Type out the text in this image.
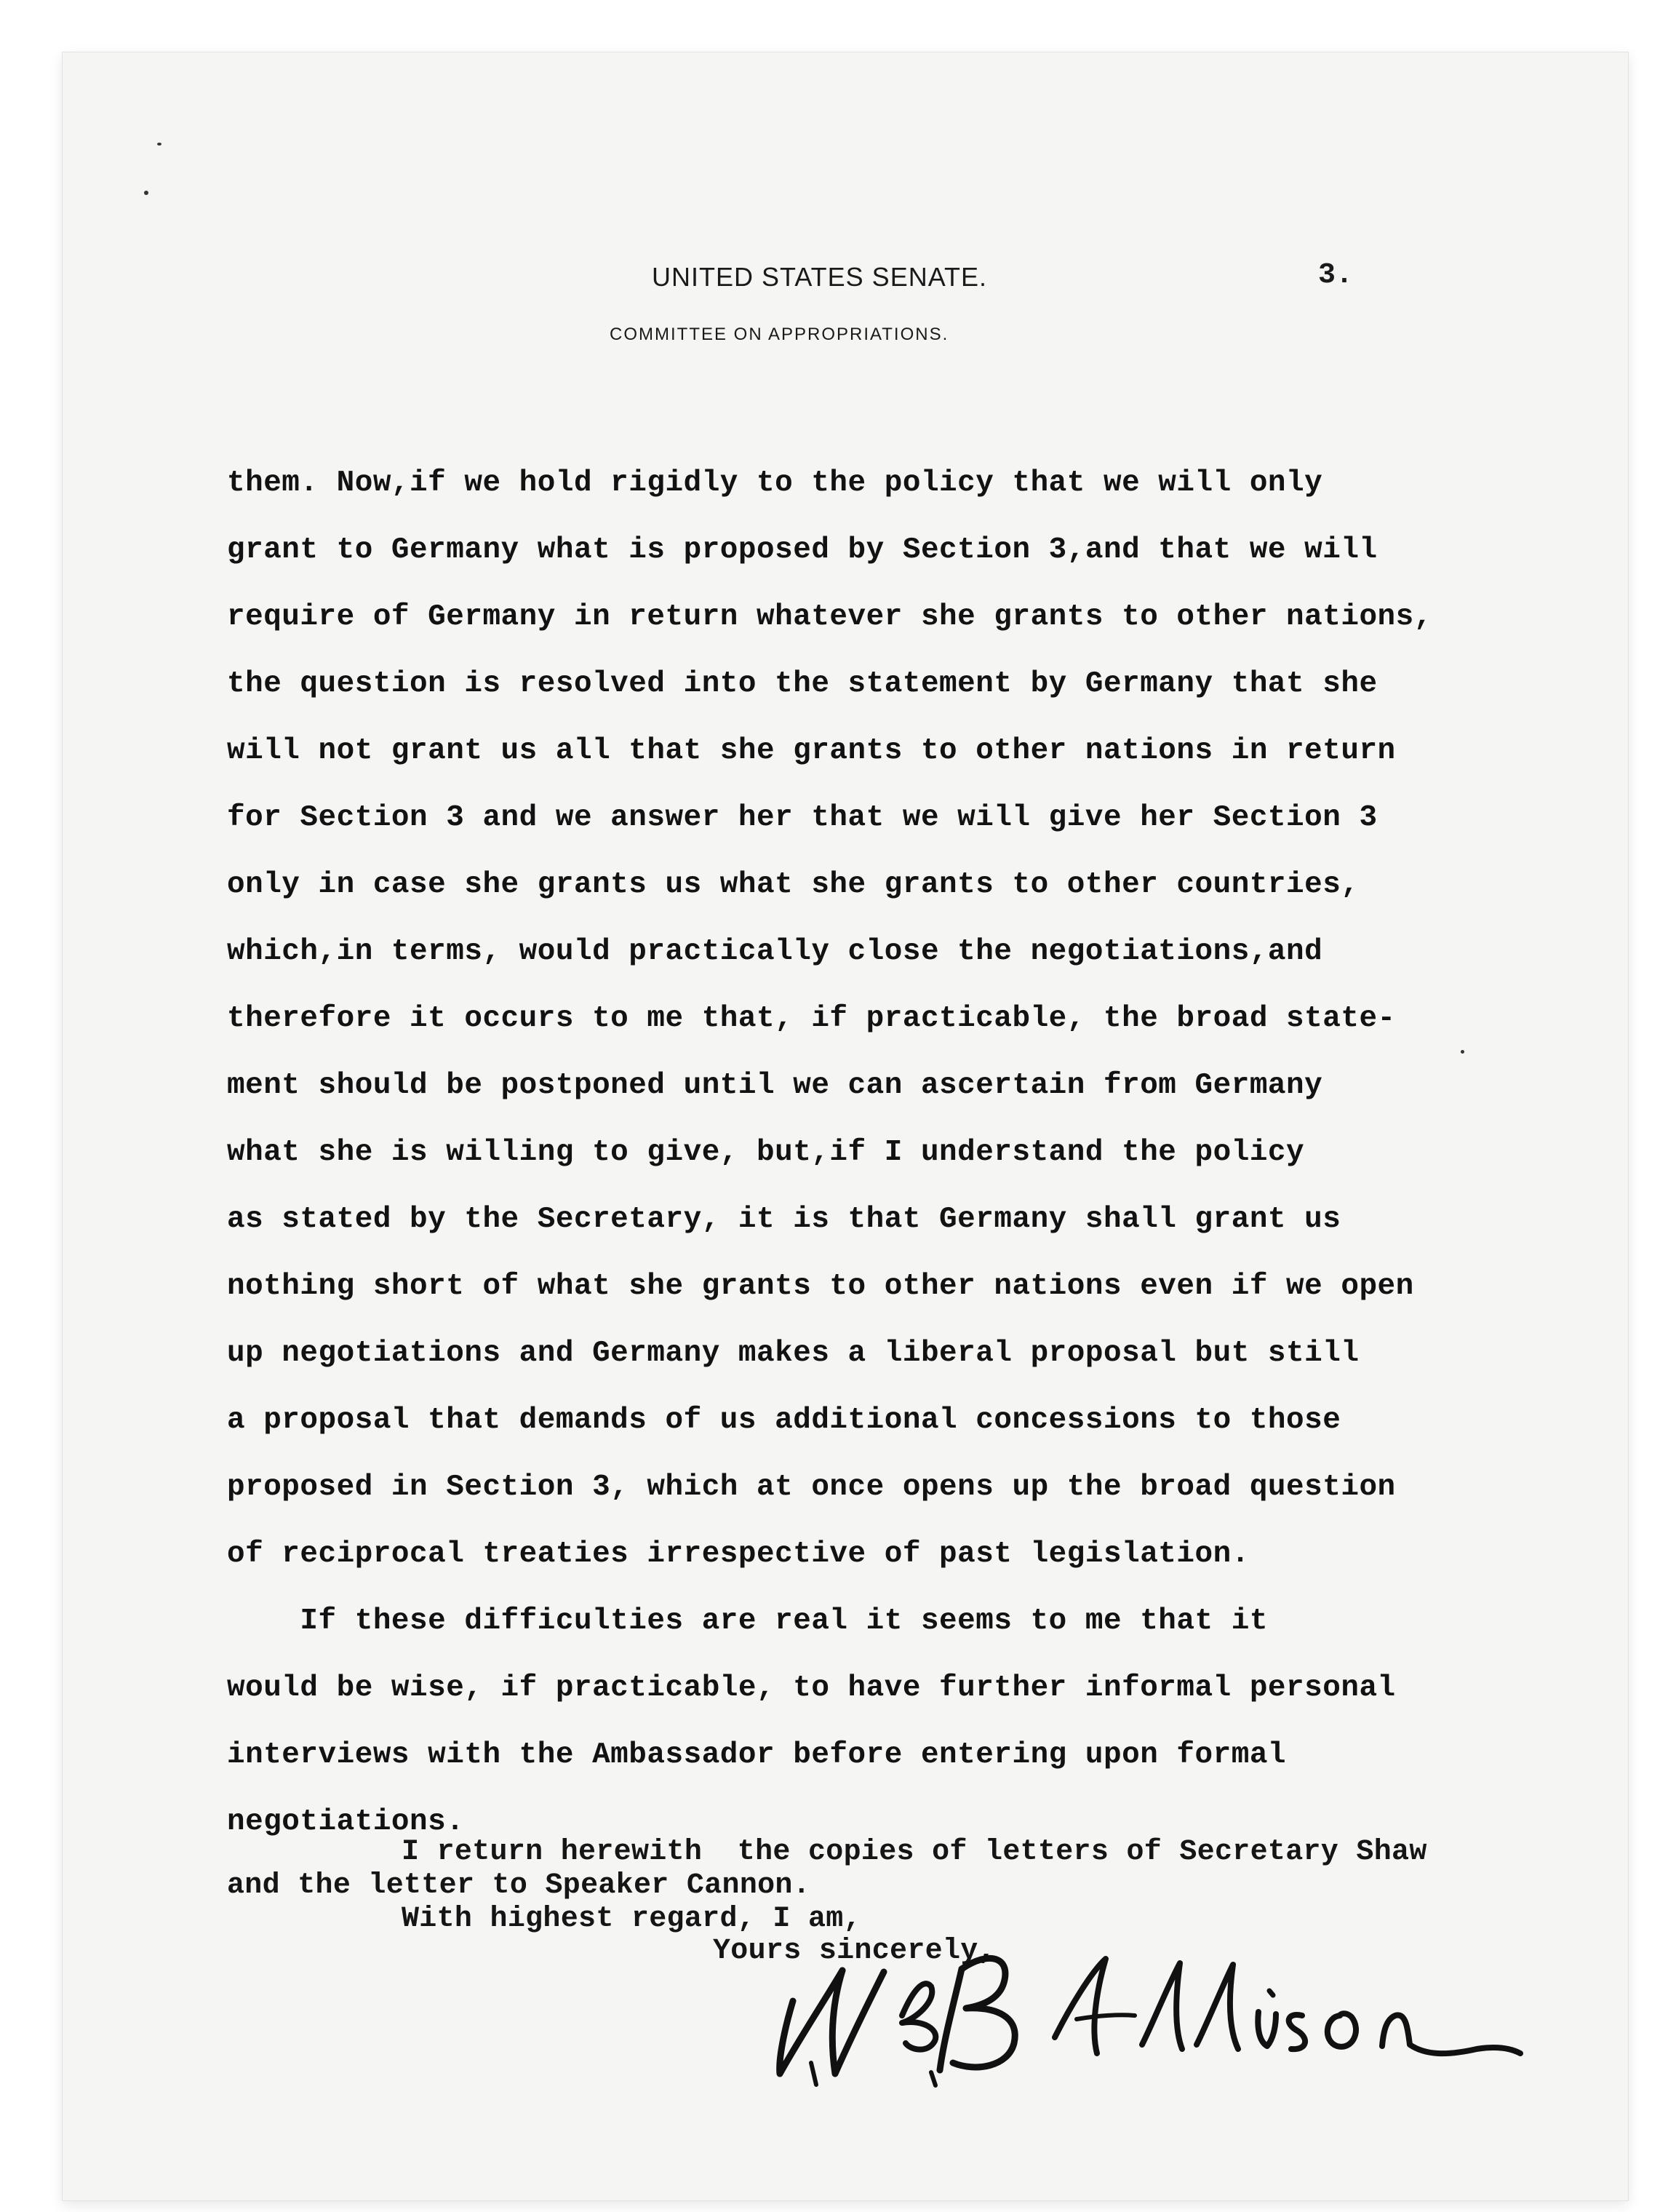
UNITED STATES SENATE.	3.
COMMITTEE ON APPROPRIATIONS.
them. Now,if we hold rigidly to the policy that we will only
grant to Germany what is proposed by Section 3,and that we will
require of Germany in return whatever she grants to other nations,
the question is resolved into the statement by Germany that she
will not grant us all that she grants to other nations in return
for Section 3 and we answer her that we will give her Section 3
only in case she grants us what she grants to other countries,
which,in terms, would practically close the negotiations,and
therefore it occurs to me that, if practicable, the broad state-
ment should be postponed until we can ascertain from Germany
what she is willing to give, but,if I understand the policy
as stated by the Secretary, it is that Germany shall grant us
nothing short of what she grants to other nations even if we open
up negotiations and Germany makes a liberal proposal but still
a proposal that demands of us additional concessions to those
proposed in Section 3, which at once opens up the broad question
of reciprocal treaties irrespective of past legislation.
If these difficulties are real it seems to me that it
would be wise, if practicable, to have further informal personal
interviews with the Ambassador before entering upon formal
negotiations.
I return herewith  the copies of letters of Secretary Shaw
and the letter to Speaker Cannon.
With highest regard, I am,
Yours sincerely,
